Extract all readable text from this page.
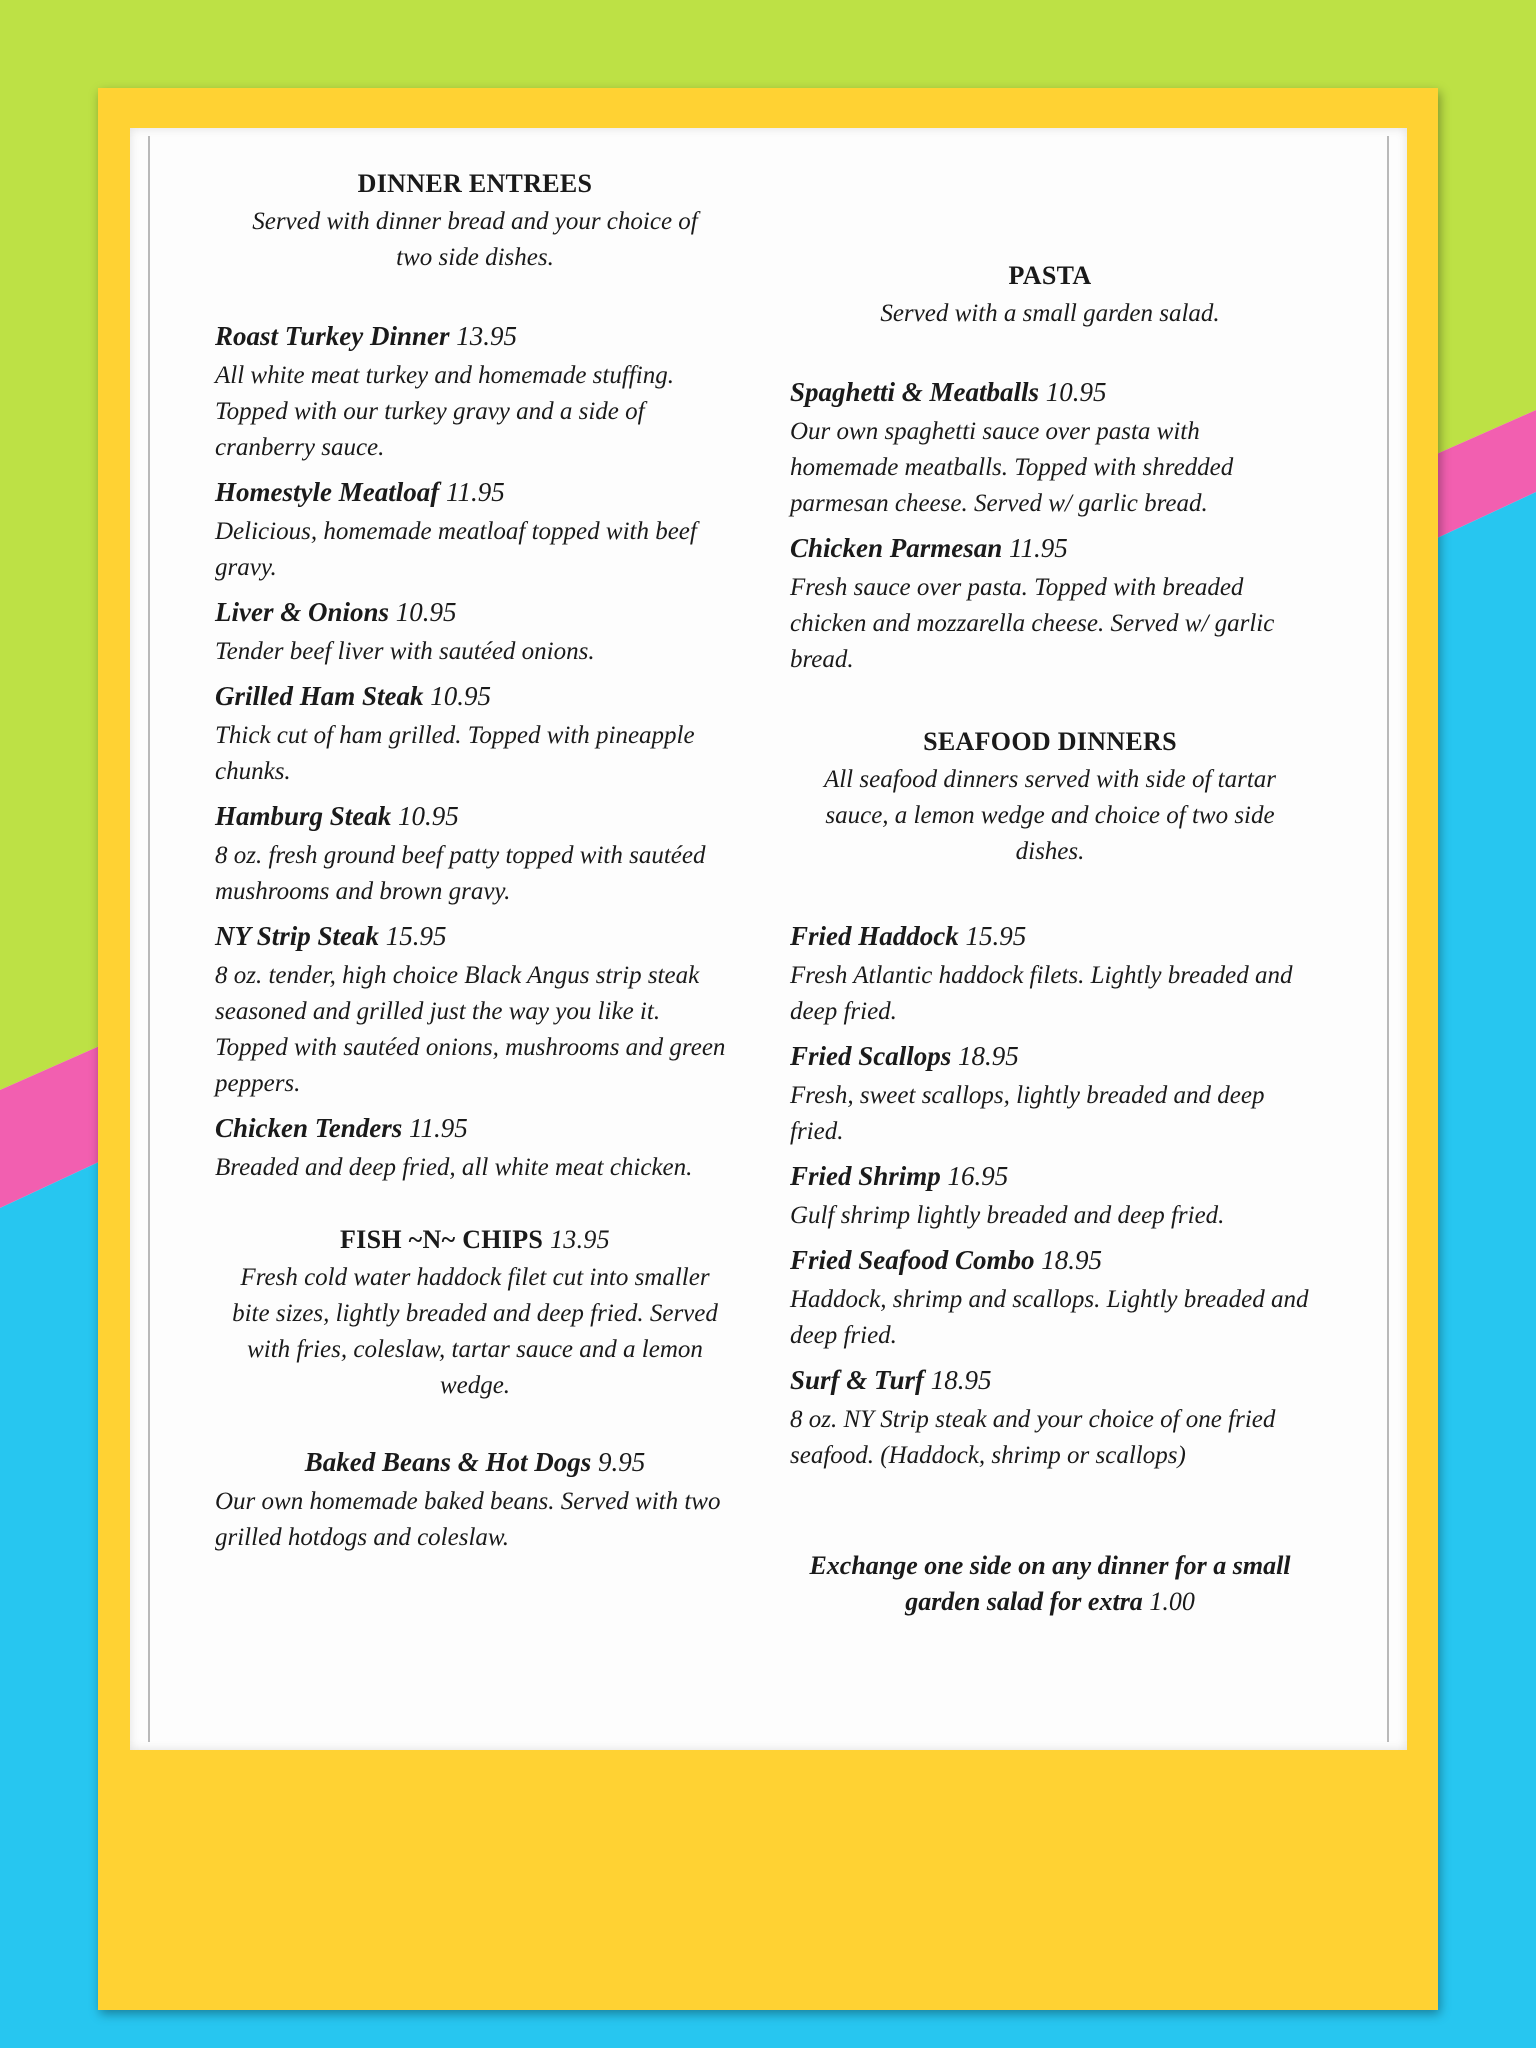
DINNER ENTREES
Served with dinner bread and your choice of two side dishes.
Roast Turkey Dinner 13.95
All white meat turkey and homemade stuffing. Topped with our turkey gravy and a side of cranberry sauce.
Homestyle Meatloaf 11.95
Delicious, homemade meatloaf topped with beef gravy.
Liver & Onions 10.95
Tender beef liver with sautéed onions.
Grilled Ham Steak 10.95
Thick cut of ham grilled. Topped with pineapple chunks.
Hamburg Steak 10.95
8 oz. fresh ground beef patty topped with sautéed mushrooms and brown gravy.
NY Strip Steak 15.95
8 oz. tender, high choice Black Angus strip steak seasoned and grilled just the way you like it. Topped with sautéed onions, mushrooms and green peppers.
Chicken Tenders 11.95
Breaded and deep fried, all white meat chicken.
FISH ~N~ CHIPS 13.95
Fresh cold water haddock filet cut into smaller bite sizes, lightly breaded and deep fried. Served with fries, coleslaw, tartar sauce and a lemon wedge.
Baked Beans & Hot Dogs 9.95
Our own homemade baked beans. Served with two grilled hotdogs and coleslaw.
PASTA
Served with a small garden salad.
Spaghetti & Meatballs 10.95
Our own spaghetti sauce over pasta with homemade meatballs. Topped with shredded parmesan cheese. Served w/ garlic bread.
Chicken Parmesan 11.95
Fresh sauce over pasta. Topped with breaded chicken and mozzarella cheese. Served w/ garlic bread.
SEAFOOD DINNERS
All seafood dinners served with side of tartar sauce, a lemon wedge and choice of two side dishes.
Fried Haddock 15.95
Fresh Atlantic haddock filets. Lightly breaded and deep fried.
Fried Scallops 18.95
Fresh, sweet scallops, lightly breaded and deep fried.
Fried Shrimp 16.95
Gulf shrimp lightly breaded and deep fried.
Fried Seafood Combo 18.95
Haddock, shrimp and scallops. Lightly breaded and deep fried.
Surf & Turf 18.95
8 oz. NY Strip steak and your choice of one fried seafood. (Haddock, shrimp or scallops)
Exchange one side on any dinner for a small garden salad for extra 1.00
